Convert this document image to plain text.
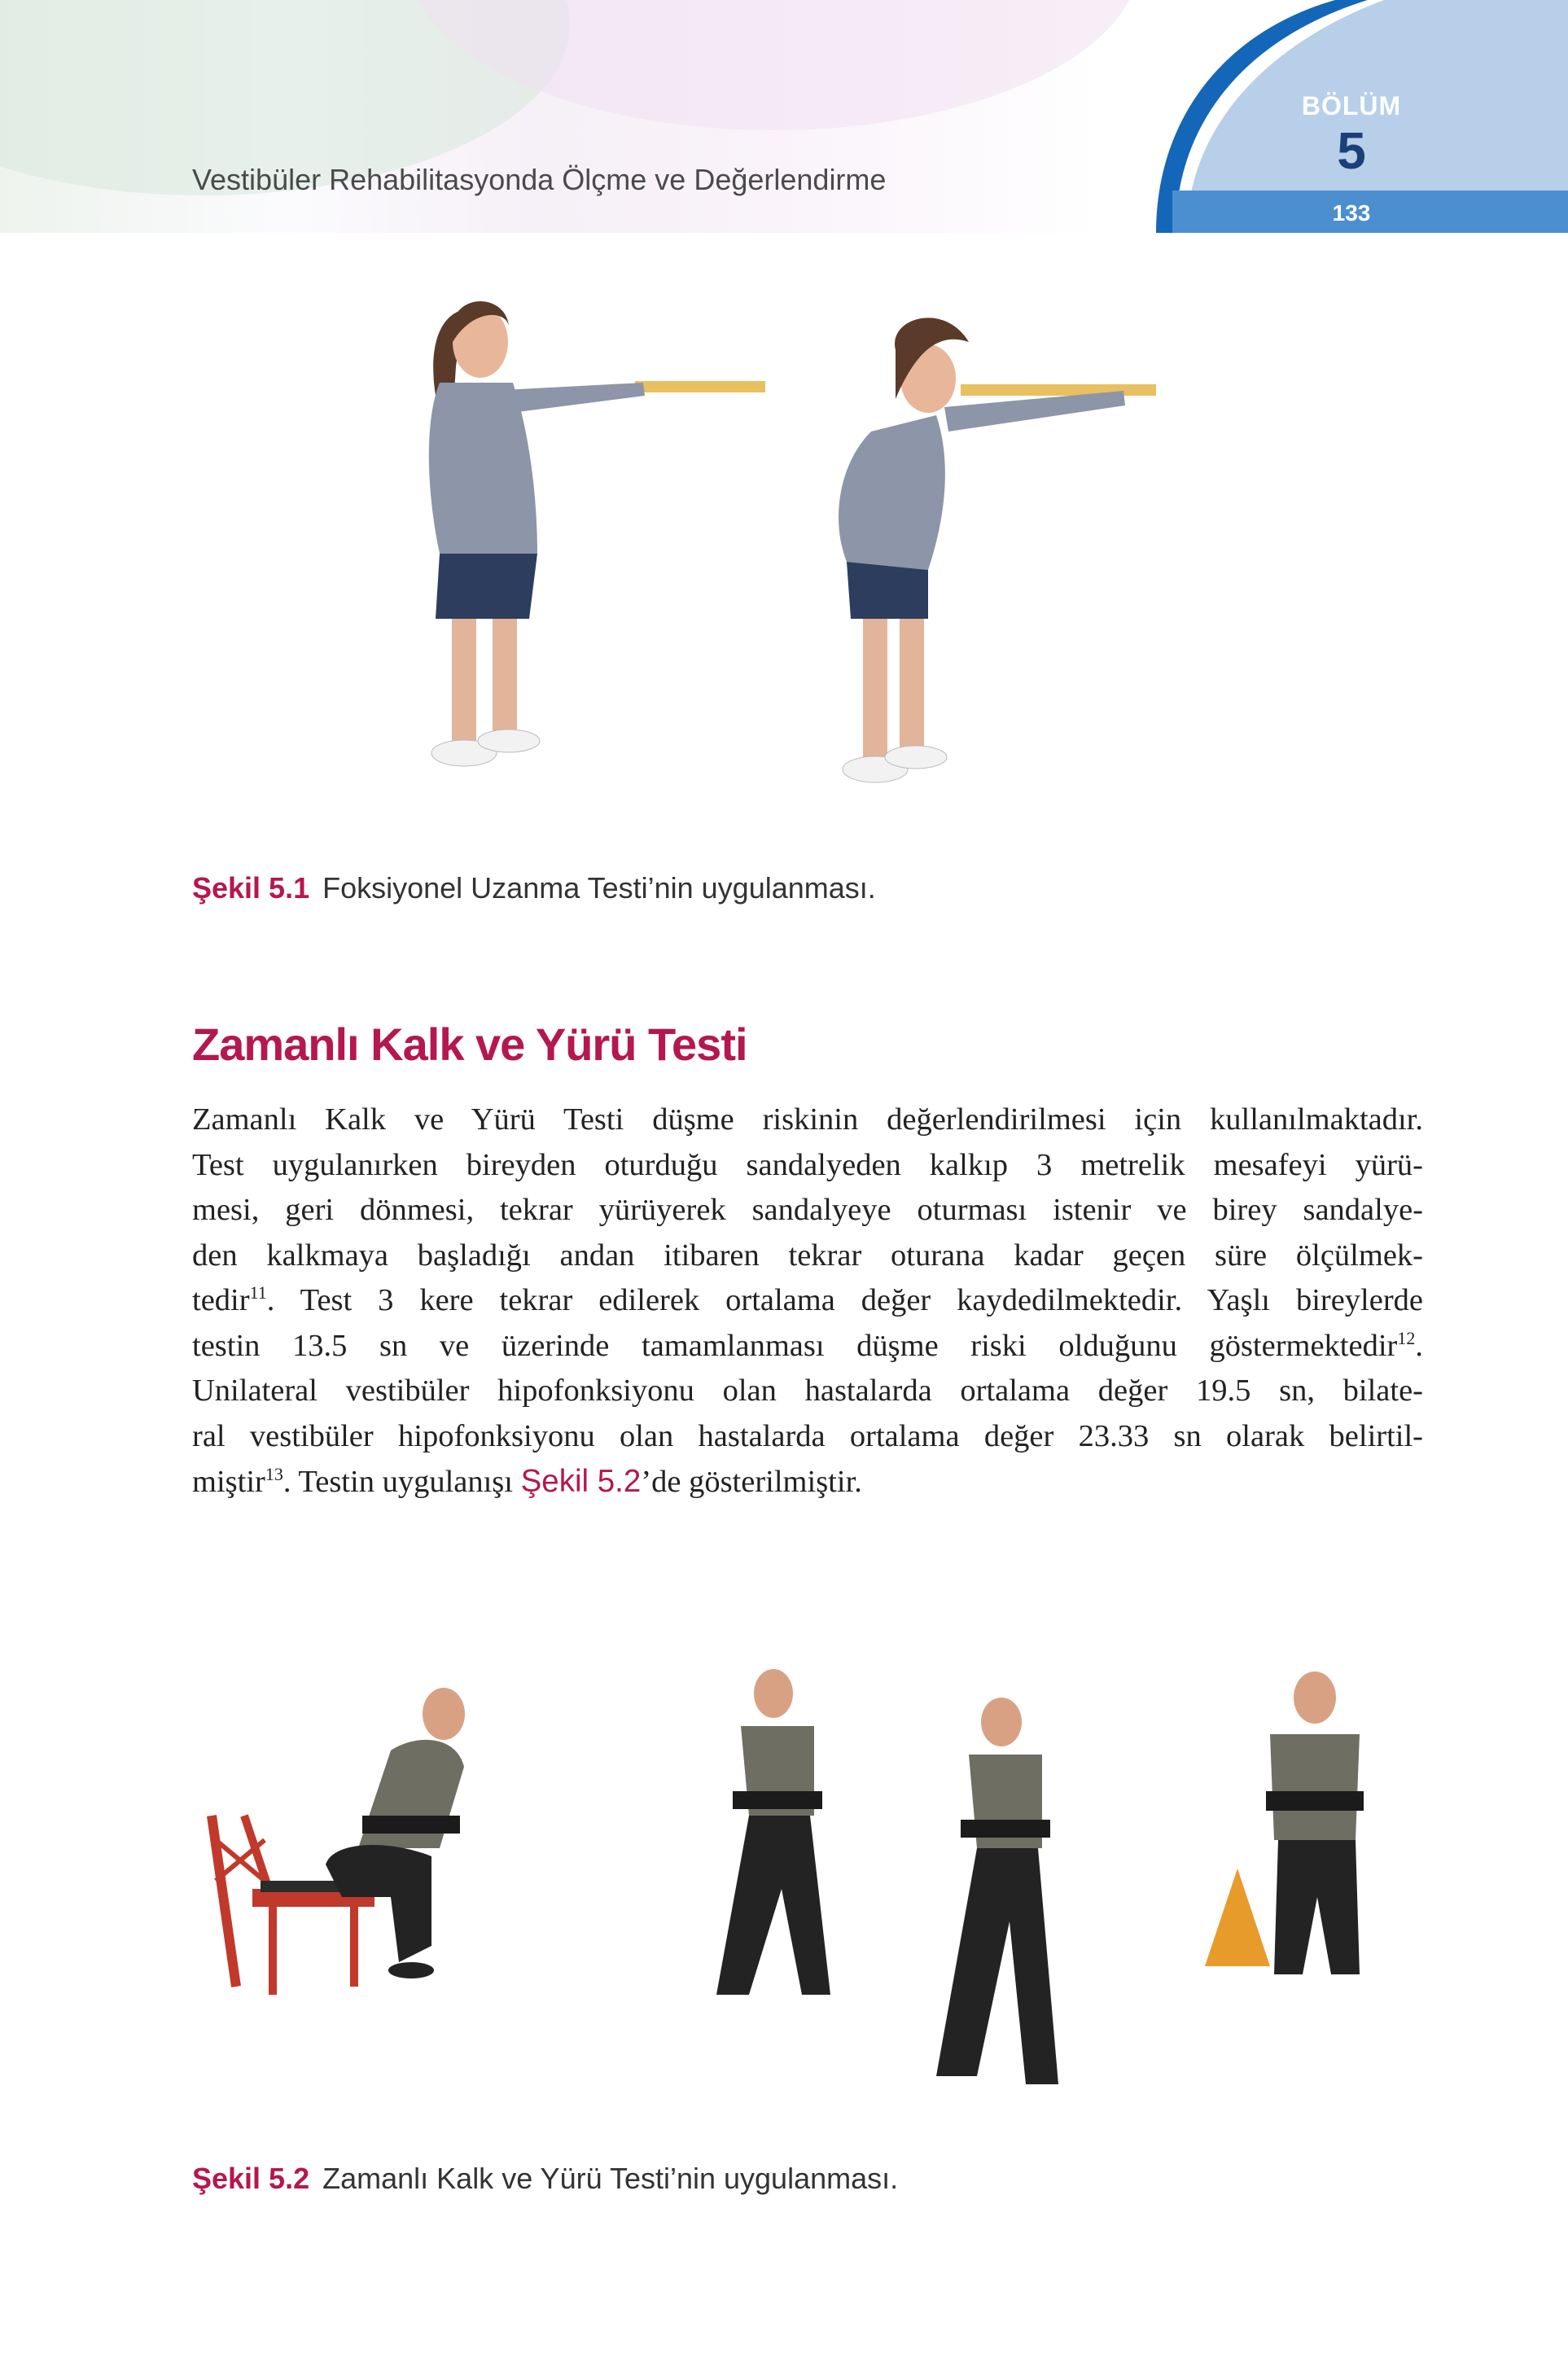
Vestibüler Rehabilitasyonda Ölçme ve Değerlendirme
BÖLÜM
5
133
Şekil 5.1 Foksiyonel Uzanma Testi’nin uygulanması.
Zamanlı Kalk ve Yürü Testi
Zamanlı Kalk ve Yürü Testi düşme riskinin değerlendirilmesi için kullanılmaktadır.
Test uygulanırken bireyden oturduğu sandalyeden kalkıp 3 metrelik mesafeyi yürü-
mesi, geri dönmesi, tekrar yürüyerek sandalyeye oturması istenir ve birey sandalye-
den kalkmaya başladığı andan itibaren tekrar oturana kadar geçen süre ölçülmek-
tedir$^{11}$. Test 3 kere tekrar edilerek ortalama değer kaydedilmektedir. Yaşlı bireylerde
testin 13.5 sn ve üzerinde tamamlanması düşme riski olduğunu göstermektedir$^{12}$.
Unilateral vestibüler hipofonksiyonu olan hastalarda ortalama değer 19.5 sn, bilate-
ral vestibüler hipofonksiyonu olan hastalarda ortalama değer 23.33 sn olarak belirtil-
miştir$^{13}$. Testin uygulanışı Şekil 5.2’de gösterilmiştir.
Şekil 5.2 Zamanlı Kalk ve Yürü Testi’nin uygulanması.
